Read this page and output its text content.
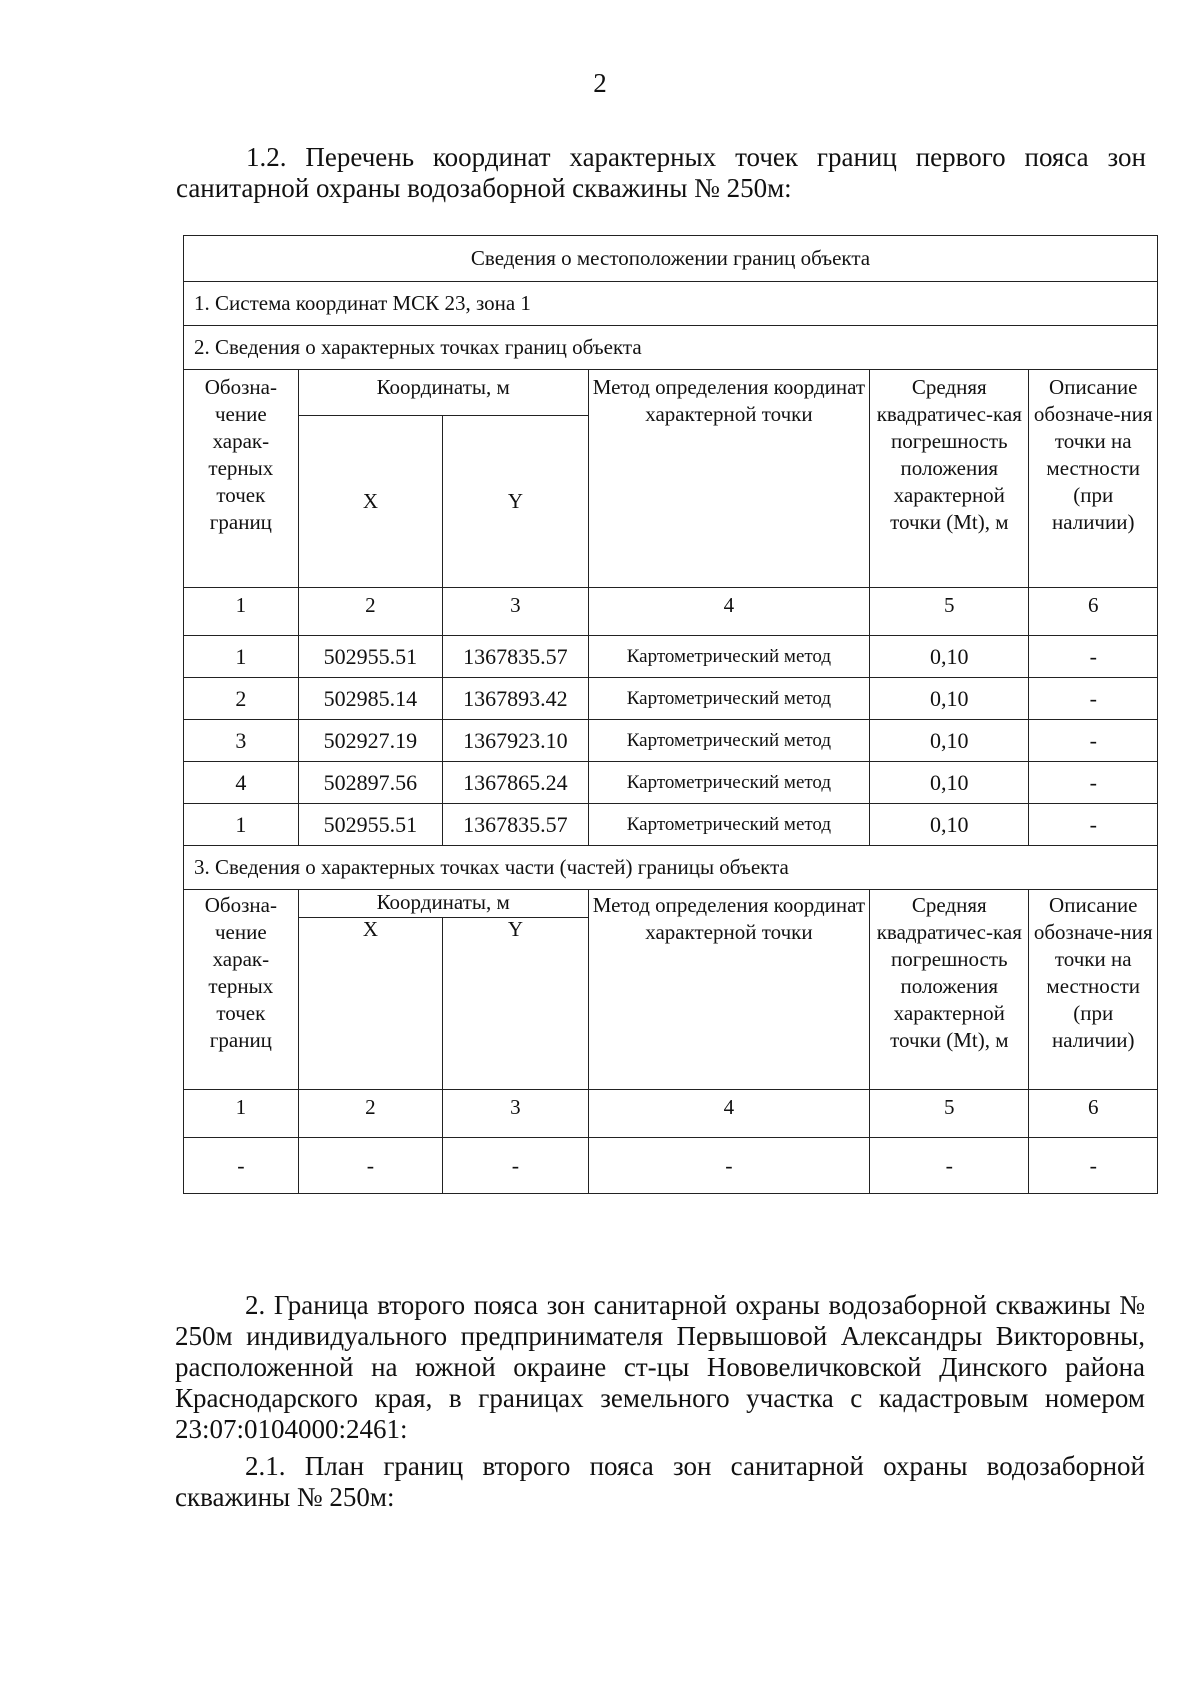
2
1.2. Перечень координат характерных точек границ первого пояса зон санитарной охраны водозаборной скважины № 250м:
Сведения о местоположении границ объекта					
1. Система координат МСК 23, зона 1					
2. Сведения о характерных точках границ объекта					
Обозна-чение харак-терных точек границ	Координаты, м		Метод определения координат характерной точки	Средняя квадратичес-кая погрешность положения характерной точки (Mt), м	Описание обозначе-ния точки на местности (при наличии)
	X	Y			
1	2	3	4	5	6
1	502955.51	1367835.57	Картометрический метод	0,10	-
2	502985.14	1367893.42	Картометрический метод	0,10	-
3	502927.19	1367923.10	Картометрический метод	0,10	-
4	502897.56	1367865.24	Картометрический метод	0,10	-
1	502955.51	1367835.57	Картометрический метод	0,10	-
3. Сведения о характерных точках части (частей) границы объекта					
Обозна-чение харак-терных точек границ	Координаты, м		Метод определения координат характерной точки	Средняя квадратичес-кая погрешность положения характерной точки (Mt), м	Описание обозначе-ния точки на местности (при наличии)
	X	Y			
1	2	3	4	5	6
-	-	-	-	-	-
2. Граница второго пояса зон санитарной охраны водозаборной скважины № 250м индивидуального предпринимателя Первышовой Александры Викторовны, расположенной на южной окраине ст-цы Нововеличковской Динского района Краснодарского края, в границах земельного участка с кадастровым номером 23:07:0104000:2461:
2.1. План границ второго пояса зон санитарной охраны водозаборной скважины № 250м:
